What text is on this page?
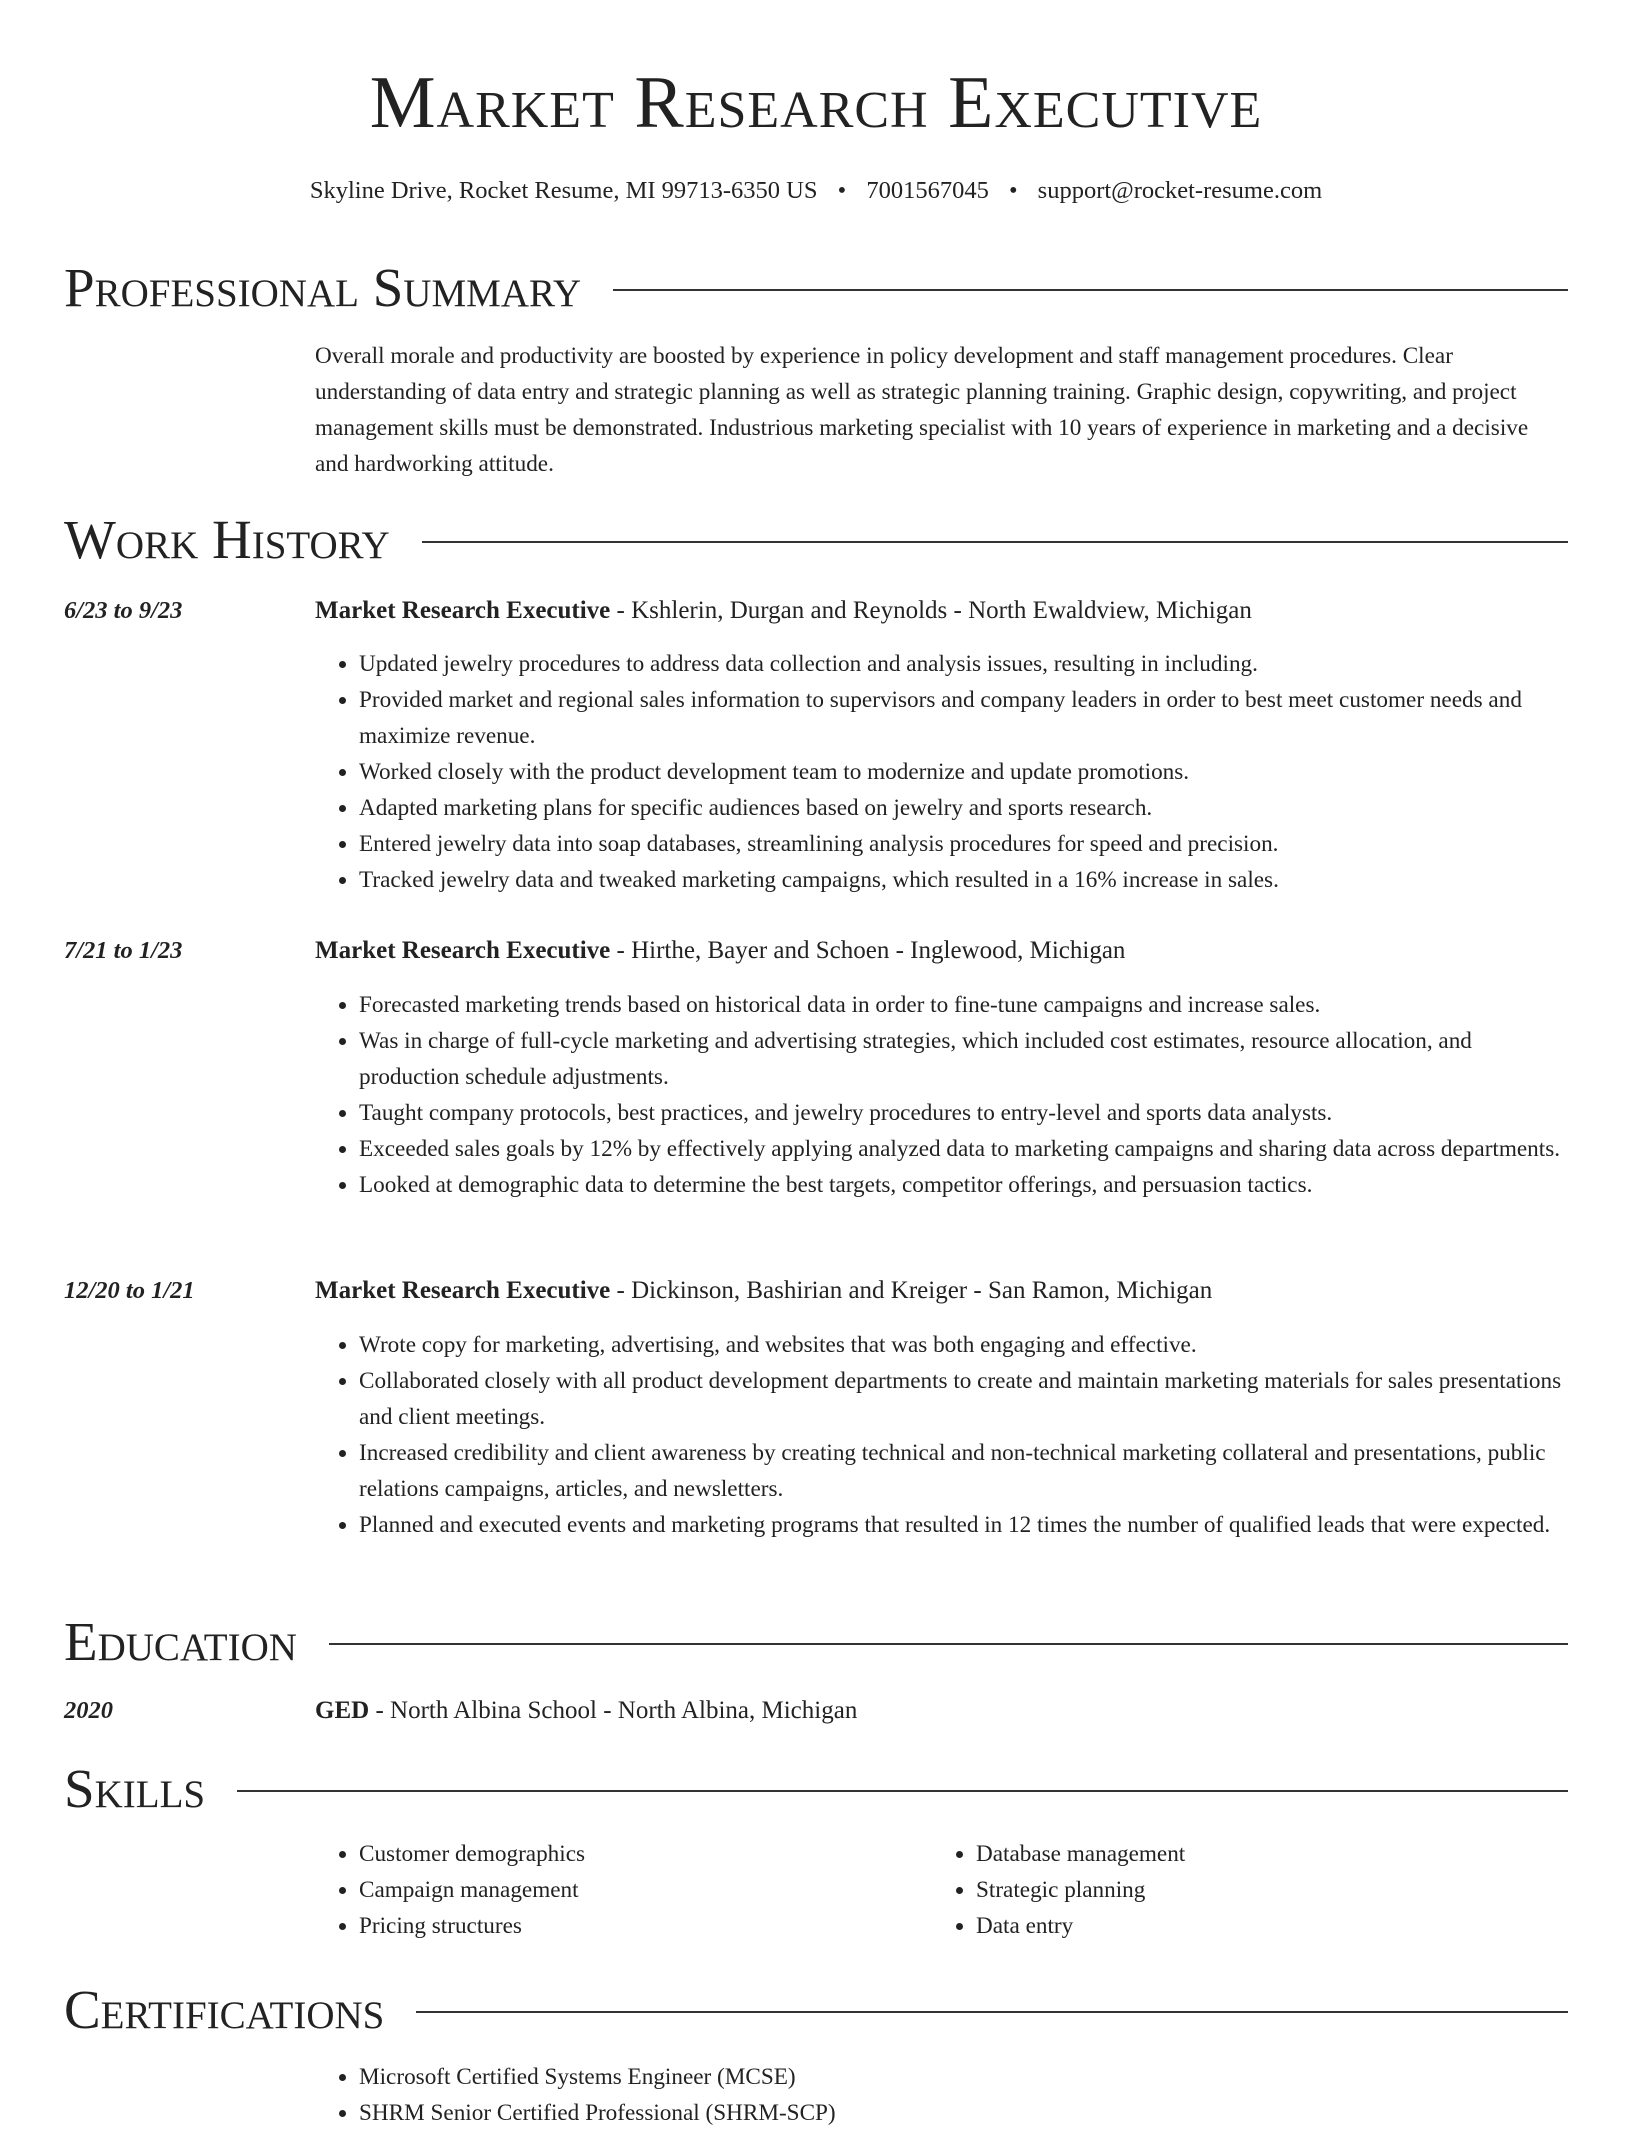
Market Research Executive
Skyline Drive, Rocket Resume, MI 99713-6350 US • 7001567045 • support@rocket-resume.com
Professional Summary
Overall morale and productivity are boosted by experience in policy development and staff management procedures. Clear understanding of data entry and strategic planning as well as strategic planning training. Graphic design, copywriting, and project management skills must be demonstrated. Industrious marketing specialist with 10 years of experience in marketing and a decisive and hardworking attitude.
Work History
6/23 to 9/23	Market Research Executive - Kshlerin, Durgan and Reynolds - North Ewaldview, Michigan
• Updated jewelry procedures to address data collection and analysis issues, resulting in including.
• Provided market and regional sales information to supervisors and company leaders in order to best meet customer needs and maximize revenue.
• Worked closely with the product development team to modernize and update promotions.
• Adapted marketing plans for specific audiences based on jewelry and sports research.
• Entered jewelry data into soap databases, streamlining analysis procedures for speed and precision.
• Tracked jewelry data and tweaked marketing campaigns, which resulted in a 16% increase in sales.
7/21 to 1/23	Market Research Executive - Hirthe, Bayer and Schoen - Inglewood, Michigan
• Forecasted marketing trends based on historical data in order to fine-tune campaigns and increase sales.
• Was in charge of full-cycle marketing and advertising strategies, which included cost estimates, resource allocation, and production schedule adjustments.
• Taught company protocols, best practices, and jewelry procedures to entry-level and sports data analysts.
• Exceeded sales goals by 12% by effectively applying analyzed data to marketing campaigns and sharing data across departments.
• Looked at demographic data to determine the best targets, competitor offerings, and persuasion tactics.
12/20 to 1/21	Market Research Executive - Dickinson, Bashirian and Kreiger - San Ramon, Michigan
• Wrote copy for marketing, advertising, and websites that was both engaging and effective.
• Collaborated closely with all product development departments to create and maintain marketing materials for sales presentations and client meetings.
• Increased credibility and client awareness by creating technical and non-technical marketing collateral and presentations, public relations campaigns, articles, and newsletters.
• Planned and executed events and marketing programs that resulted in 12 times the number of qualified leads that were expected.
Education
2020	GED - North Albina School - North Albina, Michigan
Skills
• Customer demographics
• Campaign management
• Pricing structures
• Database management
• Strategic planning
• Data entry
Certifications
• Microsoft Certified Systems Engineer (MCSE)
• SHRM Senior Certified Professional (SHRM-SCP)
